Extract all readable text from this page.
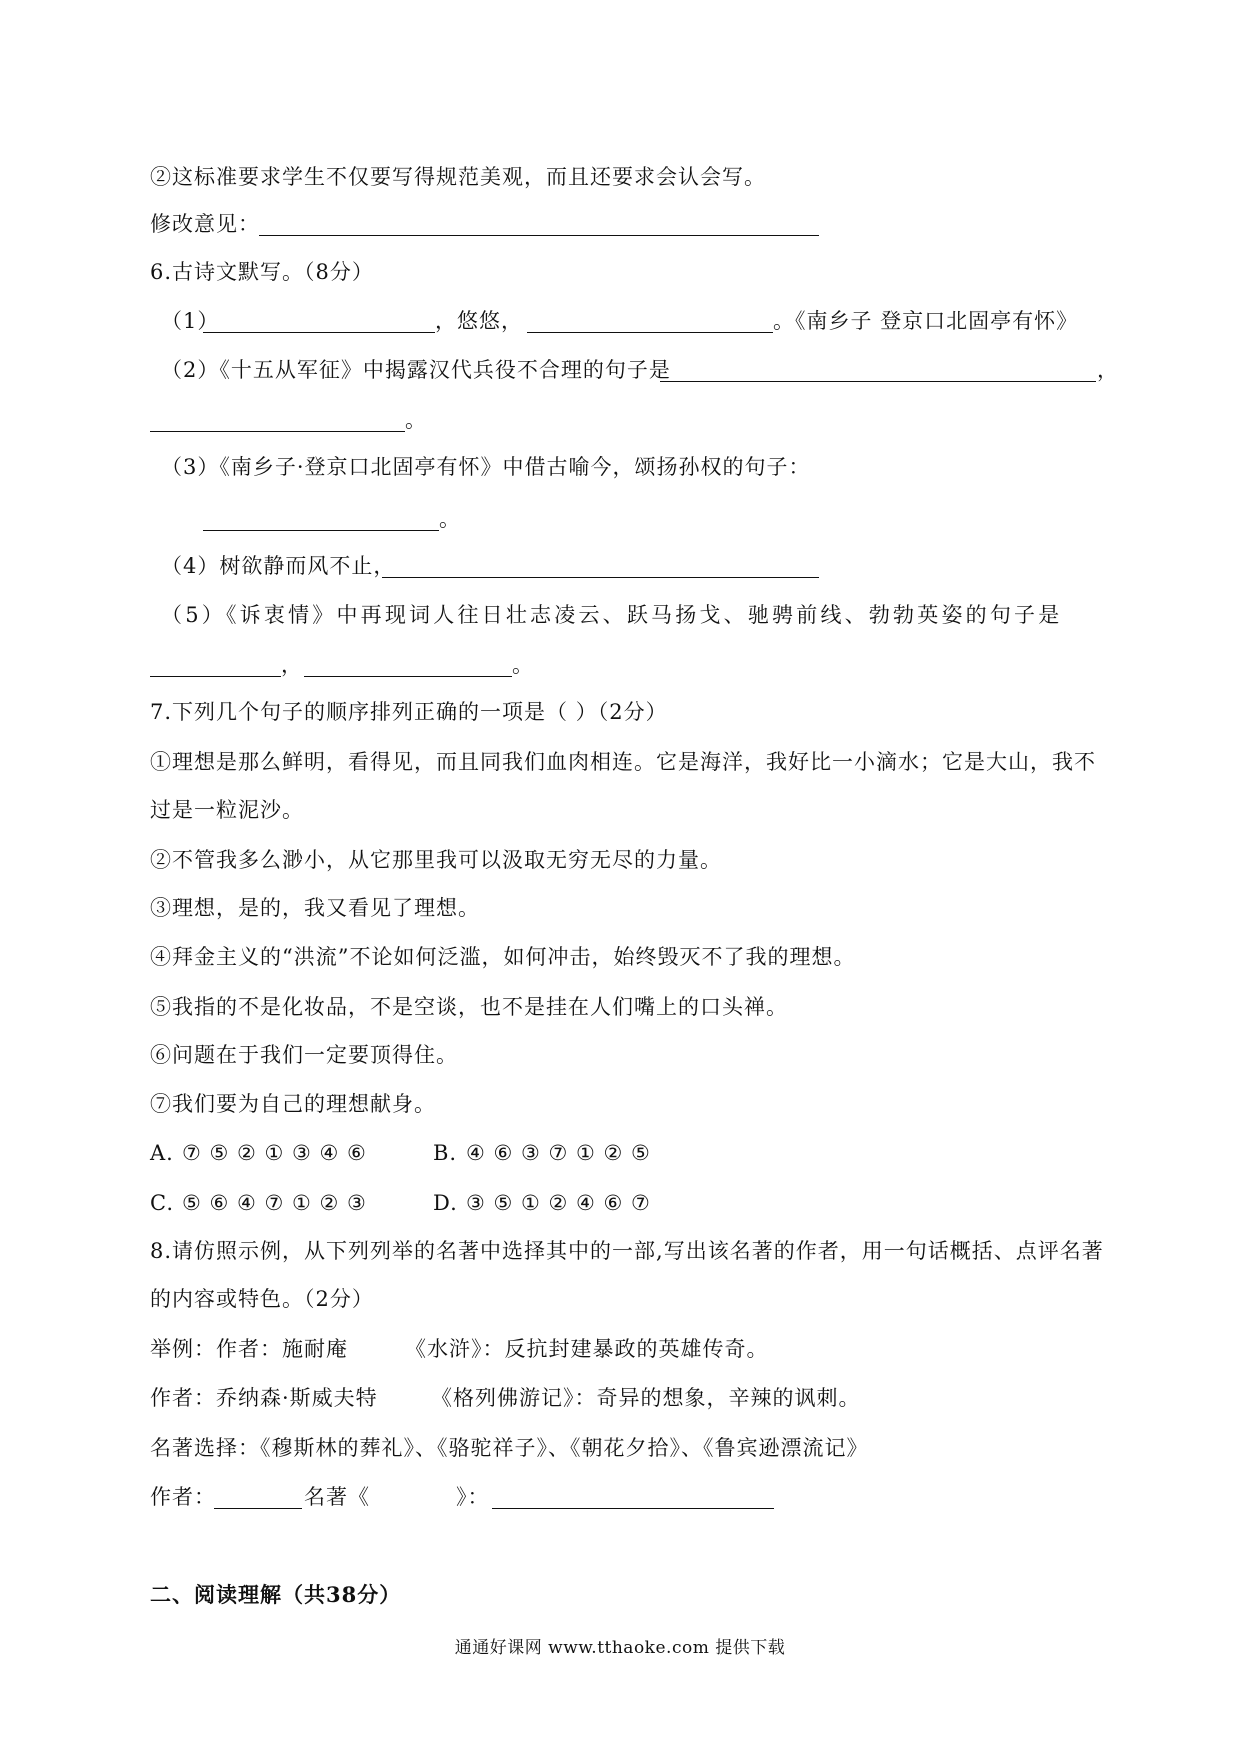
②这标准要求学生不仅要写得规范美观，而且还要求会认会写。
修改意见：
6.古诗文默写。（8分）
（1）	，悠悠，	。《南乡子 登京口北固亭有怀》
（2）《十五从军征》中揭露汉代兵役不合理的句子是	，
。
（3）《南乡子·登京口北固亭有怀》中借古喻今，颂扬孙权的句子：
。
（4）树欲静而风不止，
（5）《诉衷情》中再现词人往日壮志凌云、跃马扬戈、驰骋前线、勃勃英姿的句子是
，	。
7.下列几个句子的顺序排列正确的一项是（ ）（2分）
①理想是那么鲜明，看得见，而且同我们血肉相连。它是海洋，我好比一小滴水；它是大山，我不
过是一粒泥沙。
②不管我多么渺小，从它那里我可以汲取无穷无尽的力量。
③理想，是的，我又看见了理想。
④拜金主义的“洪流”不论如何泛滥，如何冲击，始终毁灭不了我的理想。
⑤我指的不是化妆品，不是空谈，也不是挂在人们嘴上的口头禅。
⑥问题在于我们一定要顶得住。
⑦我们要为自己的理想献身。
A. ⑦ ⑤ ② ① ③ ④ ⑥	B. ④ ⑥ ③ ⑦ ① ② ⑤
C. ⑤ ⑥ ④ ⑦ ① ② ③	D. ③ ⑤ ① ② ④ ⑥ ⑦
8.请仿照示例，从下列列举的名著中选择其中的一部,写出该名著的作者，用一句话概括、点评名著
的内容或特色。（2分）
举例：作者：施耐庵	《水浒》：反抗封建暴政的英雄传奇。
作者：乔纳森·斯威夫特	《格列佛游记》：奇异的想象，辛辣的讽刺。
名著选择：《穆斯林的葬礼》、《骆驼祥子》、《朝花夕拾》、《鲁宾逊漂流记》
作者：	名著《	》：
二、阅读理解（共38分）
通通好课网 www.tthaoke.com 提供下载
